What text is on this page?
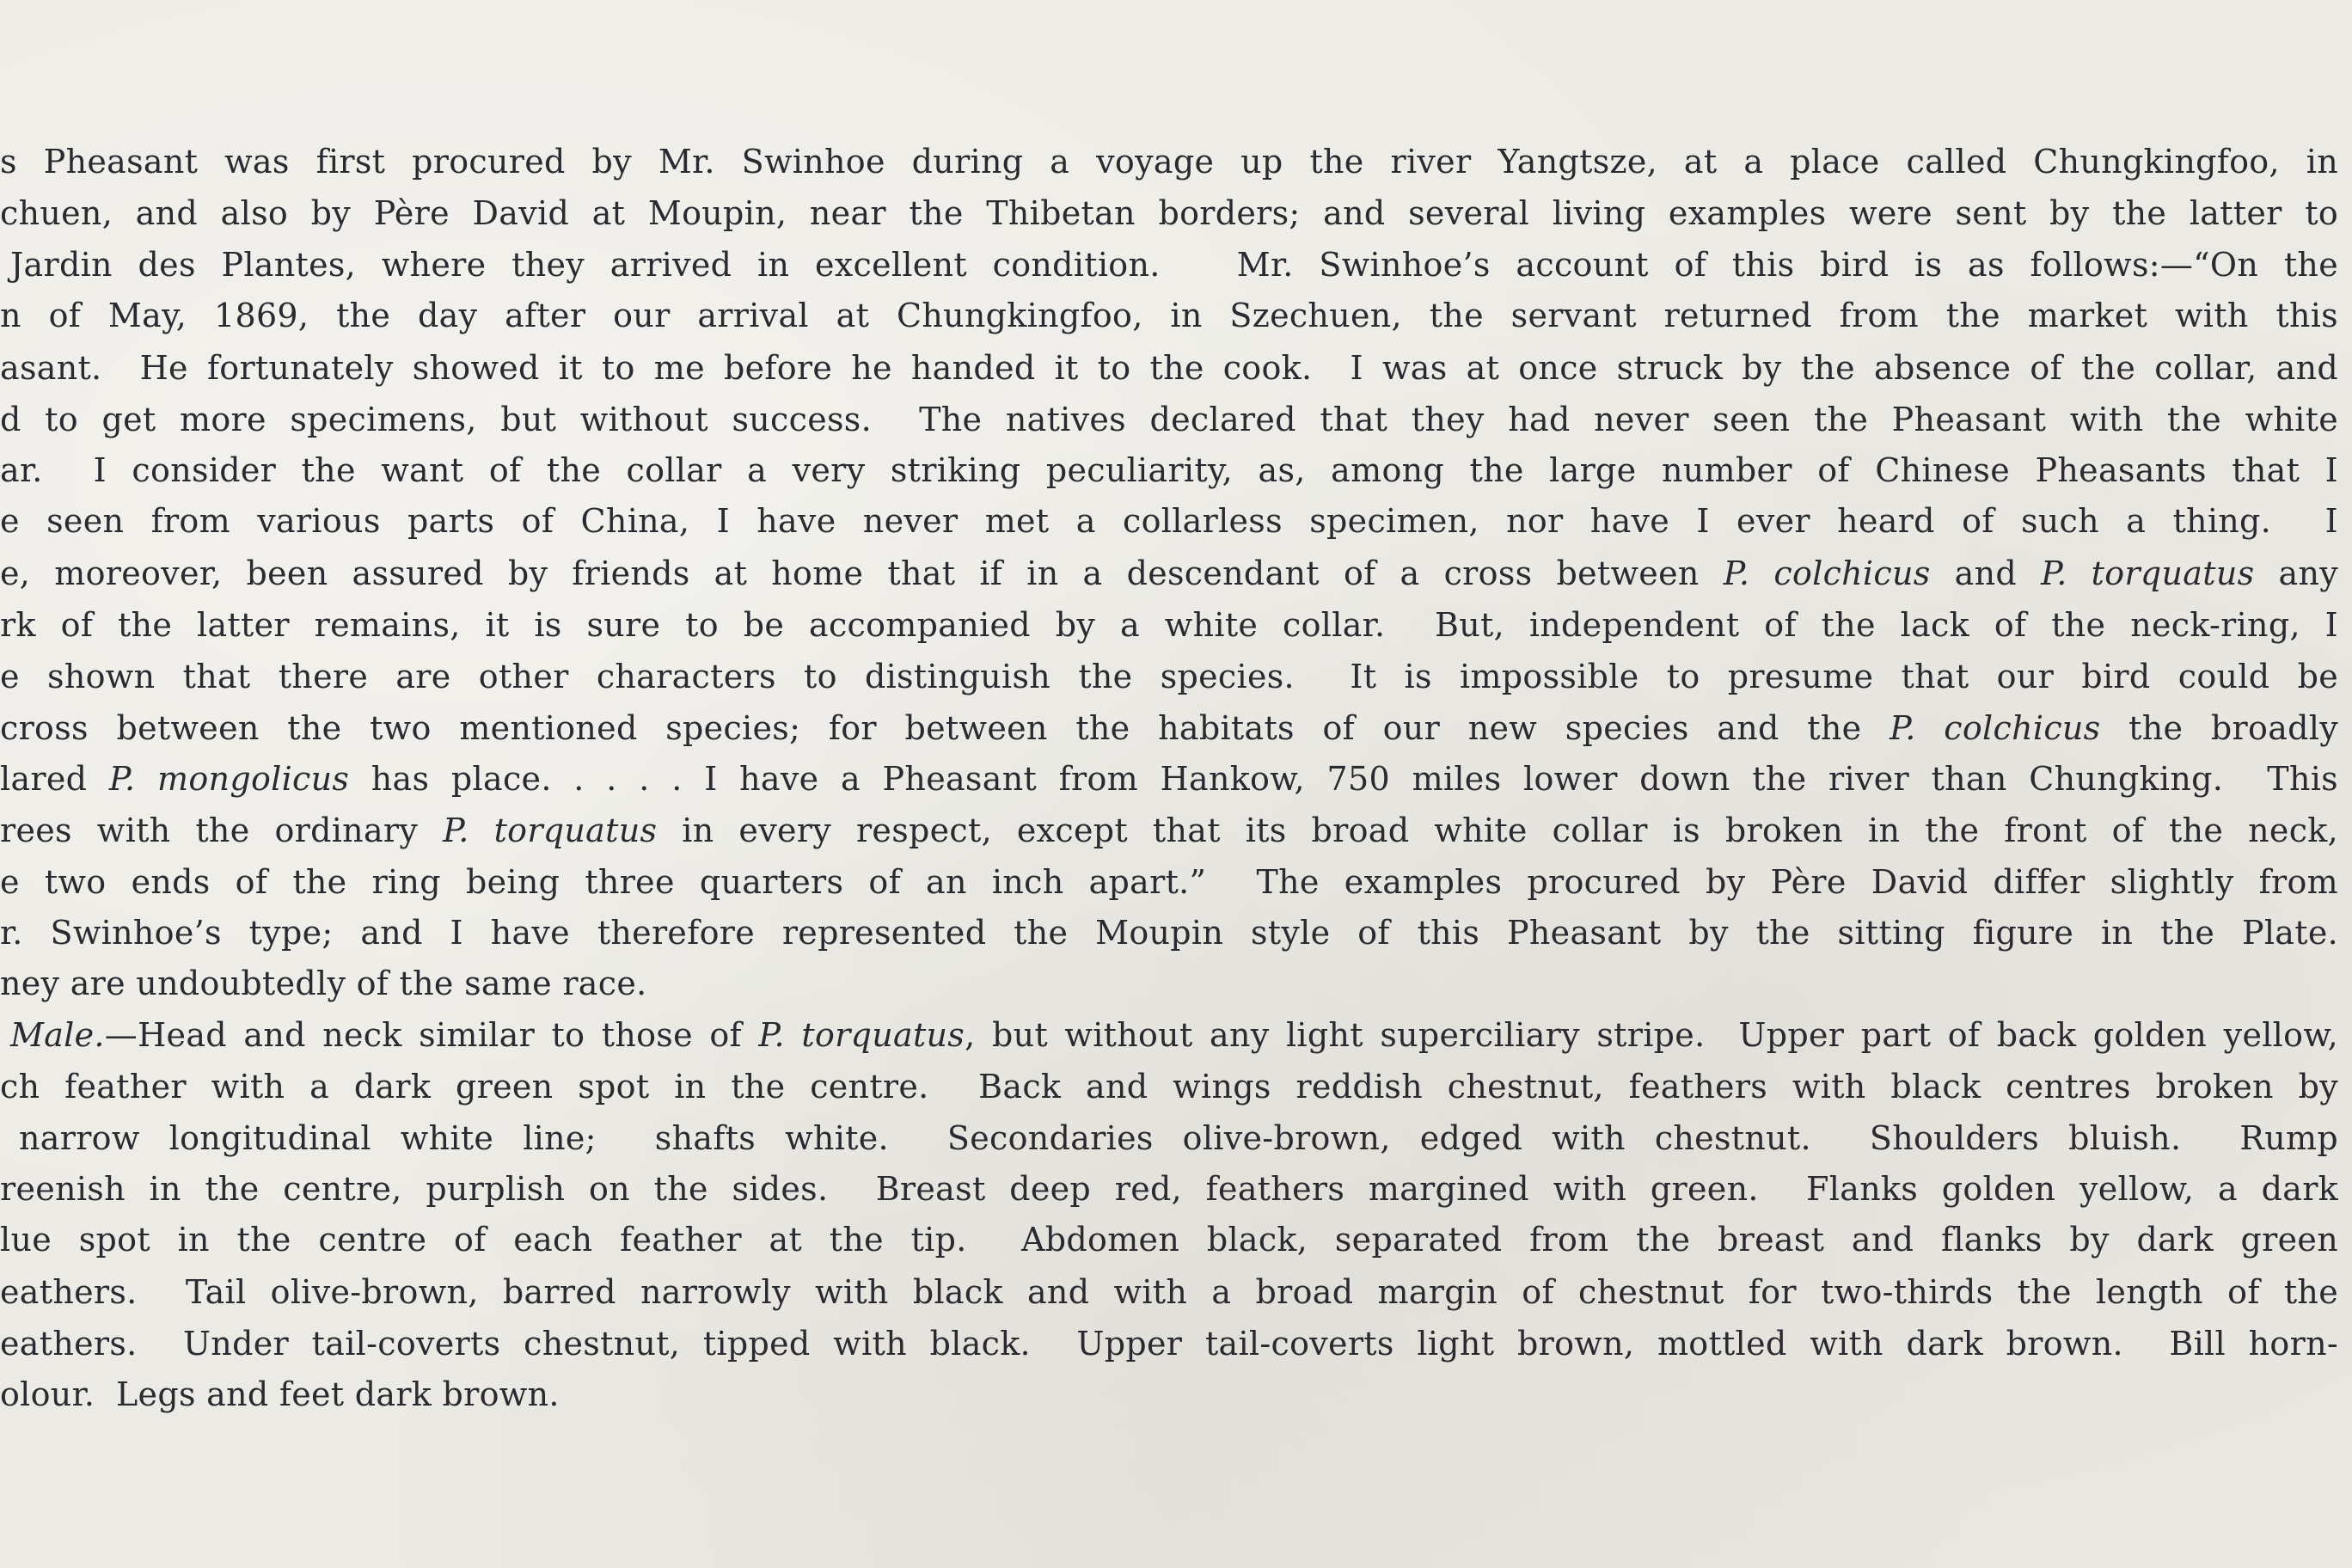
s Pheasant was first procured by Mr. Swinhoe during a voyage up the river Yangtsze, at a place called Chungkingfoo, in
chuen, and also by Père David at Moupin, near the Thibetan borders; and several living examples were sent by the latter to
Jardin des Plantes, where they arrived in excellent condition.   Mr. Swinhoe’s account of this bird is as follows:—“On the
n of May, 1869, the day after our arrival at Chungkingfoo, in Szechuen, the servant returned from the market with this
asant.  He fortunately showed it to me before he handed it to the cook.  I was at once struck by the absence of the collar, and
d to get more specimens, but without success.  The natives declared that they had never seen the Pheasant with the white
ar.  I consider the want of the collar a very striking peculiarity, as, among the large number of Chinese Pheasants that I
e seen from various parts of China, I have never met a collarless specimen, nor have I ever heard of such a thing.  I
e, moreover, been assured by friends at home that if in a descendant of a cross between P. colchicus and P. torquatus any
rk of the latter remains, it is sure to be accompanied by a white collar.  But, independent of the lack of the neck-ring, I
e shown that there are other characters to distinguish the species.  It is impossible to presume that our bird could be
cross between the two mentioned species; for between the habitats of our new species and the P. colchicus the broadly
lared P. mongolicus has place. . . . . I have a Pheasant from Hankow, 750 miles lower down the river than Chungking.  This
rees with the ordinary P. torquatus in every respect, except that its broad white collar is broken in the front of the neck,
e two ends of the ring being three quarters of an inch apart.”  The examples procured by Père David differ slightly from
r. Swinhoe’s type; and I have therefore represented the Moupin style of this Pheasant by the sitting figure in the Plate.
ney are undoubtedly of the same race.
Male.—Head and neck similar to those of P. torquatus, but without any light superciliary stripe.  Upper part of back golden yellow,
ch feather with a dark green spot in the centre.  Back and wings reddish chestnut, feathers with black centres broken by
narrow longitudinal white line;  shafts white.  Secondaries olive-brown, edged with chestnut.  Shoulders bluish.  Rump
reenish in the centre, purplish on the sides.  Breast deep red, feathers margined with green.  Flanks golden yellow, a dark
lue spot in the centre of each feather at the tip.  Abdomen black, separated from the breast and flanks by dark green
eathers.  Tail olive-brown, barred narrowly with black and with a broad margin of chestnut for two-thirds the length of the
eathers.  Under tail-coverts chestnut, tipped with black.  Upper tail-coverts light brown, mottled with dark brown.  Bill horn-
olour.  Legs and feet dark brown.
